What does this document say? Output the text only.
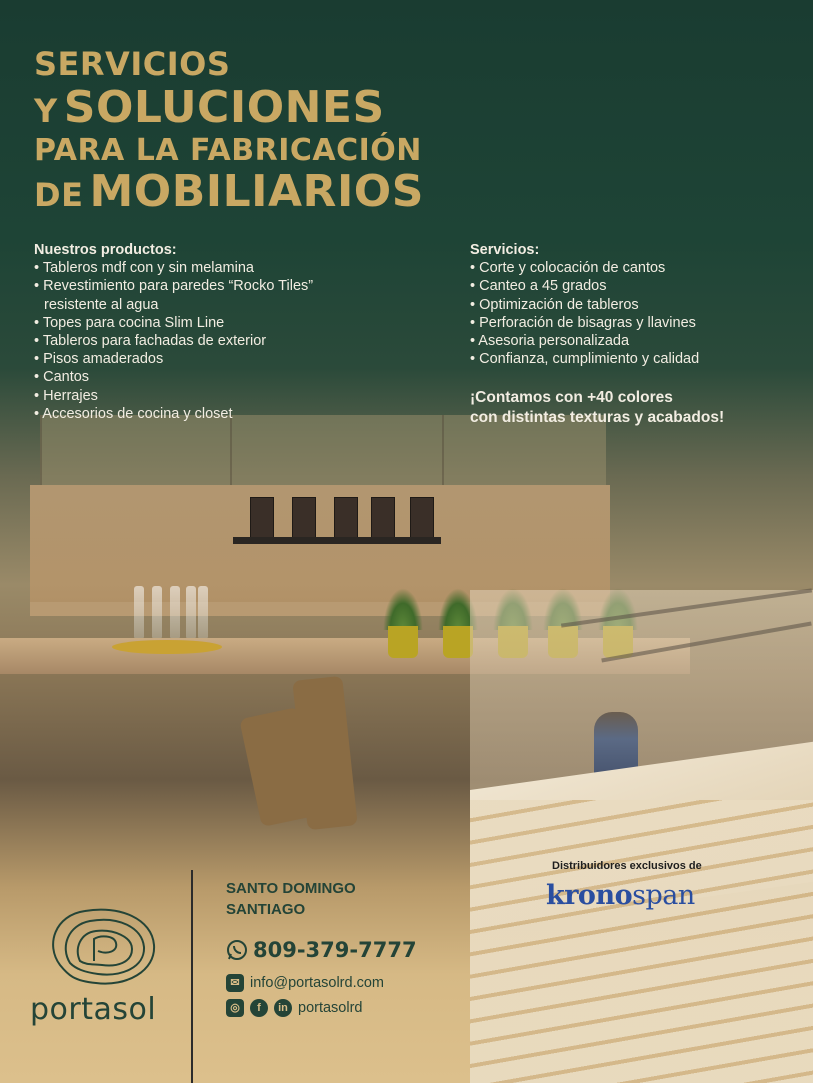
SERVICIOS
Y SOLUCIONES
PARA LA FABRICACIÓN
DE MOBILIARIOS
Nuestros productos:
• Tableros mdf con y sin melamina
• Revestimiento para paredes “Rocko Tiles”
resistente al agua
• Topes para cocina Slim Line
• Tableros para fachadas de exterior
• Pisos amaderados
• Cantos
• Herrajes
• Accesorios de cocina y closet
Servicios:
• Corte y colocación de cantos
• Canteo a 45 grados
• Optimización de tableros
• Perforación de bisagras y llavines
• Asesoria personalizada
• Confianza, cumplimiento y calidad
¡Contamos con +40 colores
con distintas texturas y acabados!
portasol
SANTO DOMINGO
SANTIAGO
809-379-7777
✉ info@portasolrd.com
◎	f	in portasolrd
Distribuidores exclusivos de
kronospan
